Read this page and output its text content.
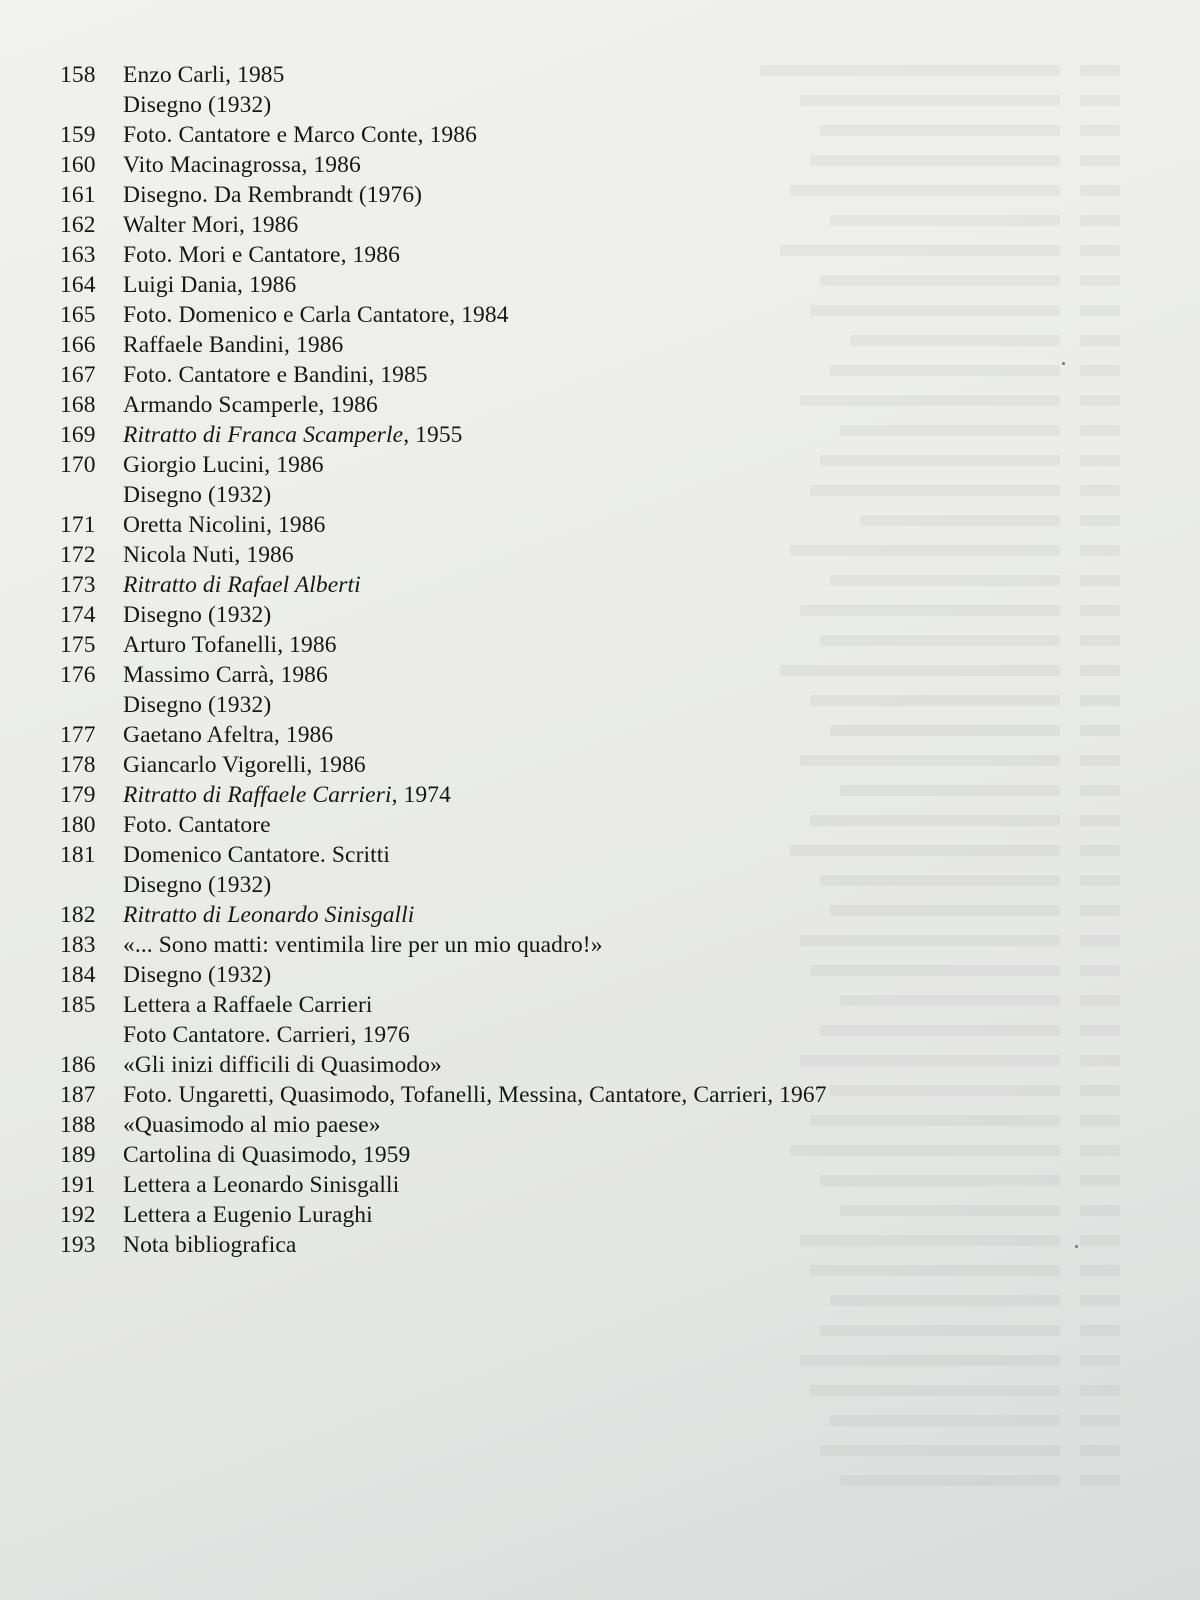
158	Enzo Carli, 1985
Disegno (1932)
159	Foto. Cantatore e Marco Conte, 1986
160	Vito Macinagrossa, 1986
161	Disegno. Da Rembrandt (1976)
162	Walter Mori, 1986
163	Foto. Mori e Cantatore, 1986
164	Luigi Dania, 1986
165	Foto. Domenico e Carla Cantatore, 1984
166	Raffaele Bandini, 1986
167	Foto. Cantatore e Bandini, 1985
168	Armando Scamperle, 1986
169	Ritratto di Franca Scamperle, 1955
170	Giorgio Lucini, 1986
Disegno (1932)
171	Oretta Nicolini, 1986
172	Nicola Nuti, 1986
173	Ritratto di Rafael Alberti
174	Disegno (1932)
175	Arturo Tofanelli, 1986
176	Massimo Carrà, 1986
Disegno (1932)
177	Gaetano Afeltra, 1986
178	Giancarlo Vigorelli, 1986
179	Ritratto di Raffaele Carrieri, 1974
180	Foto. Cantatore
181	Domenico Cantatore. Scritti
Disegno (1932)
182	Ritratto di Leonardo Sinisgalli
183	«... Sono matti: ventimila lire per un mio quadro!»
184	Disegno (1932)
185	Lettera a Raffaele Carrieri
Foto Cantatore. Carrieri, 1976
186	«Gli inizi difficili di Quasimodo»
187	Foto. Ungaretti, Quasimodo, Tofanelli, Messina, Cantatore, Carrieri, 1967
188	«Quasimodo al mio paese»
189	Cartolina di Quasimodo, 1959
191	Lettera a Leonardo Sinisgalli
192	Lettera a Eugenio Luraghi
193	Nota bibliografica
